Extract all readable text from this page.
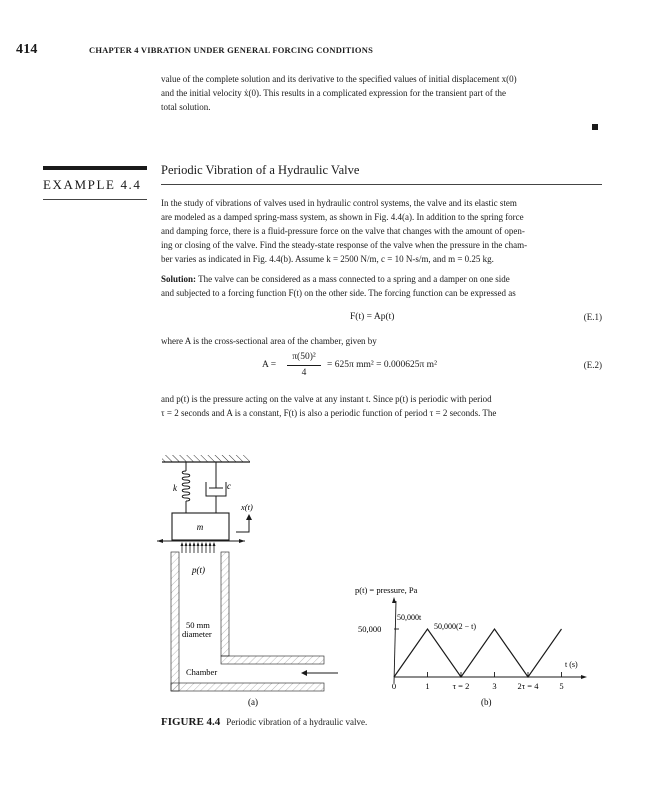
414	CHAPTER 4 VIBRATION UNDER GENERAL FORCING CONDITIONS
value of the complete solution and its derivative to the specified values of initial displacement x(0)
and the initial velocity ẋ(0). This results in a complicated expression for the transient part of the
total solution.
EXAMPLE 4.4
Periodic Vibration of a Hydraulic Valve
In the study of vibrations of valves used in hydraulic control systems, the valve and its elastic stem
are modeled as a damped spring-mass system, as shown in Fig. 4.4(a). In addition to the spring force
and damping force, there is a fluid-pressure force on the valve that changes with the amount of open-
ing or closing of the valve. Find the steady-state response of the valve when the pressure in the cham-
ber varies as indicated in Fig. 4.4(b). Assume k = 2500 N/m, c = 10 N-s/m, and m = 0.25 kg.
Solution: The valve can be considered as a mass connected to a spring and a damper on one side
and subjected to a forcing function F(t) on the other side. The forcing function can be expressed as
F(t) = Ap(t)	(E.1)
where A is the cross-sectional area of the chamber, given by
A =
π(50)²
4
= 625π mm² = 0.000625π m²	(E.2)
and p(t) is the pressure acting on the valve at any instant t. Since p(t) is periodic with period
τ = 2 seconds and A is a constant, F(t) is also a periodic function of period τ = 2 seconds. The
k	c
m
x(t)
p(t)
50 mm
diameter
Chamber
(a)
p(t) = pressure, Pa
50,000
50,000t
50,000(2 − t)
t (s)
0	1	τ = 2	3 2τ = 4 5
(b)
FIGURE 4.4 Periodic vibration of a hydraulic valve.
